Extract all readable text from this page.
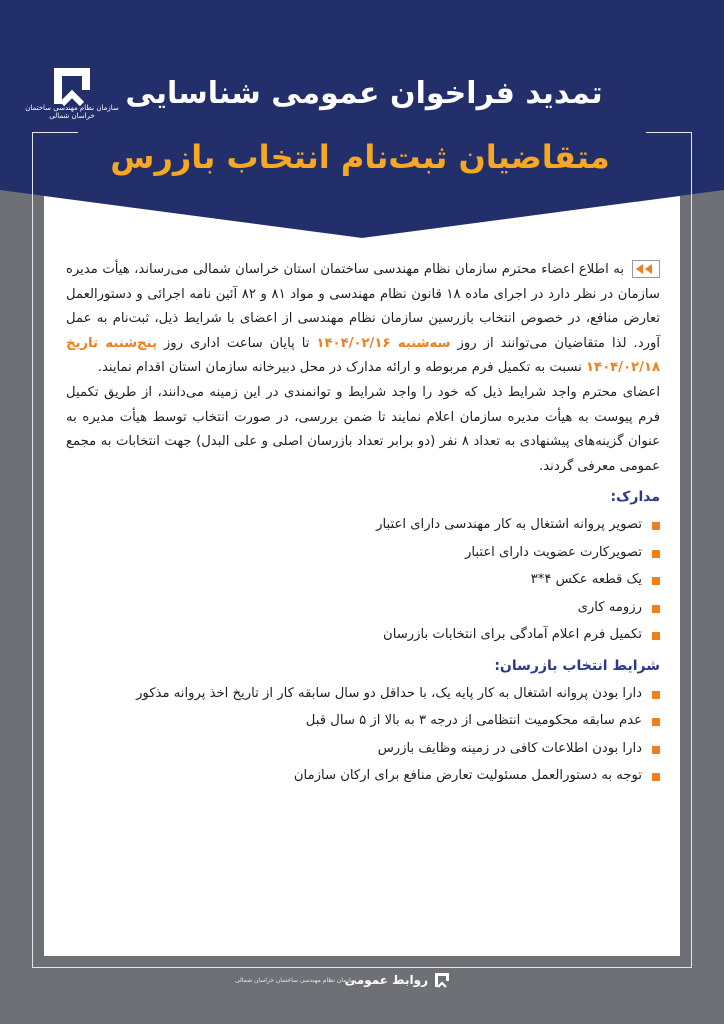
سازمان نظام مهندسی ساختمان خراسان شمالی
تمدید فراخوان عمومی شناسایی
متقاضیان ثبت‌نام انتخاب بازرس

به اطلاع اعضاء محترم سازمان نظام مهندسی ساختمان استان خراسان شمالی می‌رساند، هیأت مدیره سازمان در نظر دارد در اجرای ماده ۱۸ قانون نظام مهندسی و مواد ۸۱ و ۸۲ آئین نامه اجرائی و دستورالعمل تعارض منافع، در خصوص انتخاب بازرسین سازمان نظام مهندسی از اعضای با شرایط ذیل، ثبت‌نام به عمل آورد. لذا متقاضیان می‌توانند از روز سه‌شنبه ۱۴۰۴/۰۲/۱۶ تا پایان ساعت اداری روز پنج‌شنبه تاریخ ۱۴۰۴/۰۲/۱۸ نسبت به تکمیل فرم مربوطه و ارائه مدارک در محل دبیرخانه سازمان استان اقدام نمایند.

اعضای محترم واجد شرایط ذیل که خود را واجد شرایط و توانمندی در این زمینه می‌دانند، از طریق تکمیل فرم پیوست به هیأت مدیره سازمان اعلام نمایند تا ضمن بررسی، در صورت انتخاب توسط هیأت مدیره به عنوان گزینه‌های پیشنهادی به تعداد ۸ نفر (دو برابر تعداد بازرسان اصلی و علی البدل) جهت انتخابات به مجمع عمومی معرفی گردند.

مدارک:
تصویر پروانه اشتغال به کار مهندسی دارای اعتبار
تصویرکارت عضویت دارای اعتبار
یک قطعه عکس ۴*۳
رزومه کاری
تکمیل فرم اعلام آمادگی برای انتخابات بازرسان
شرایط انتخاب بازرسان:
دارا بودن پروانه اشتغال به کار پایه یک، با حداقل دو سال سابقه کار از تاریخ اخذ پروانه مذکور
عدم سابقه محکومیت انتظامی از درجه ۳ به بالا از ۵ سال قبل
دارا بودن اطلاعات کافی در زمینه وظایف بازرس
توجه به دستورالعمل مسئولیت تعارض منافع برای ارکان سازمان
روابط عمومی
سازمان نظام مهندسی ساختمان خراسان شمالی
